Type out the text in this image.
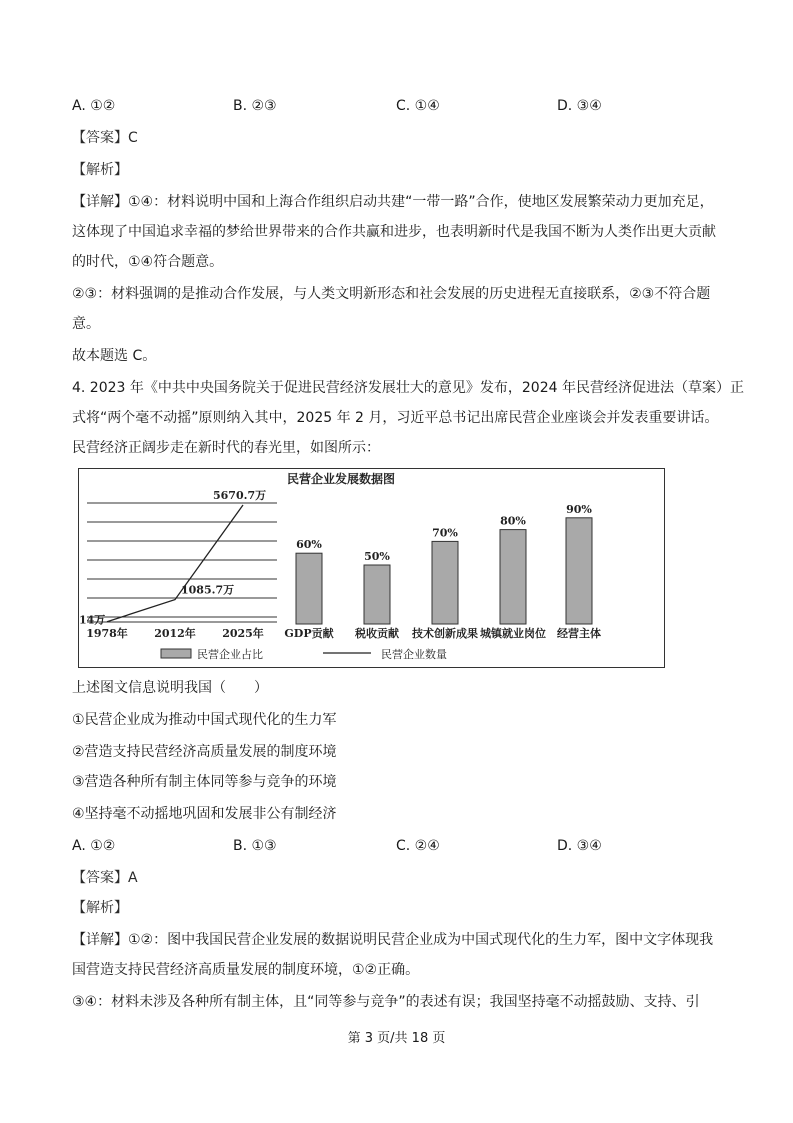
A. ①②	B. ②③	C. ①④	D. ③④
【答案】C
【解析】
【详解】①④：材料说明中国和上海合作组织启动共建“一带一路”合作，使地区发展繁荣动力更加充足，
这体现了中国追求幸福的梦给世界带来的合作共赢和进步，也表明新时代是我国不断为人类作出更大贡献
的时代，①④符合题意。
②③：材料强调的是推动合作发展，与人类文明新形态和社会发展的历史进程无直接联系，②③不符合题
意。
故本题选 C。
4. 2023 年《中共中央国务院关于促进民营经济发展壮大的意见》发布，2024 年民营经济促进法（草案）正
式将“两个毫不动摇”原则纳入其中，2025 年 2 月，习近平总书记出席民营企业座谈会并发表重要讲话。
民营经济正阔步走在新时代的春光里，如图所示：
民营企业发展数据图
14万
1085.7万
5670.7万
1978年 2012年 2025年
60%
GDP贡献
50%
税收贡献
70%
技术创新成果
80%
城镇就业岗位
90%
经营主体
民营企业占比	民营企业数量
上述图文信息说明我国（　　）
①民营企业成为推动中国式现代化的生力军
②营造支持民营经济高质量发展的制度环境
③营造各种所有制主体同等参与竞争的环境
④坚持毫不动摇地巩固和发展非公有制经济
A. ①②	B. ①③	C. ②④	D. ③④
【答案】A
【解析】
【详解】①②：图中我国民营企业发展的数据说明民营企业成为中国式现代化的生力军，图中文字体现我
国营造支持民营经济高质量发展的制度环境，①②正确。
③④：材料未涉及各种所有制主体，且“同等参与竞争”的表述有误；我国坚持毫不动摇鼓励、支持、引
第 3 页/共 18 页
